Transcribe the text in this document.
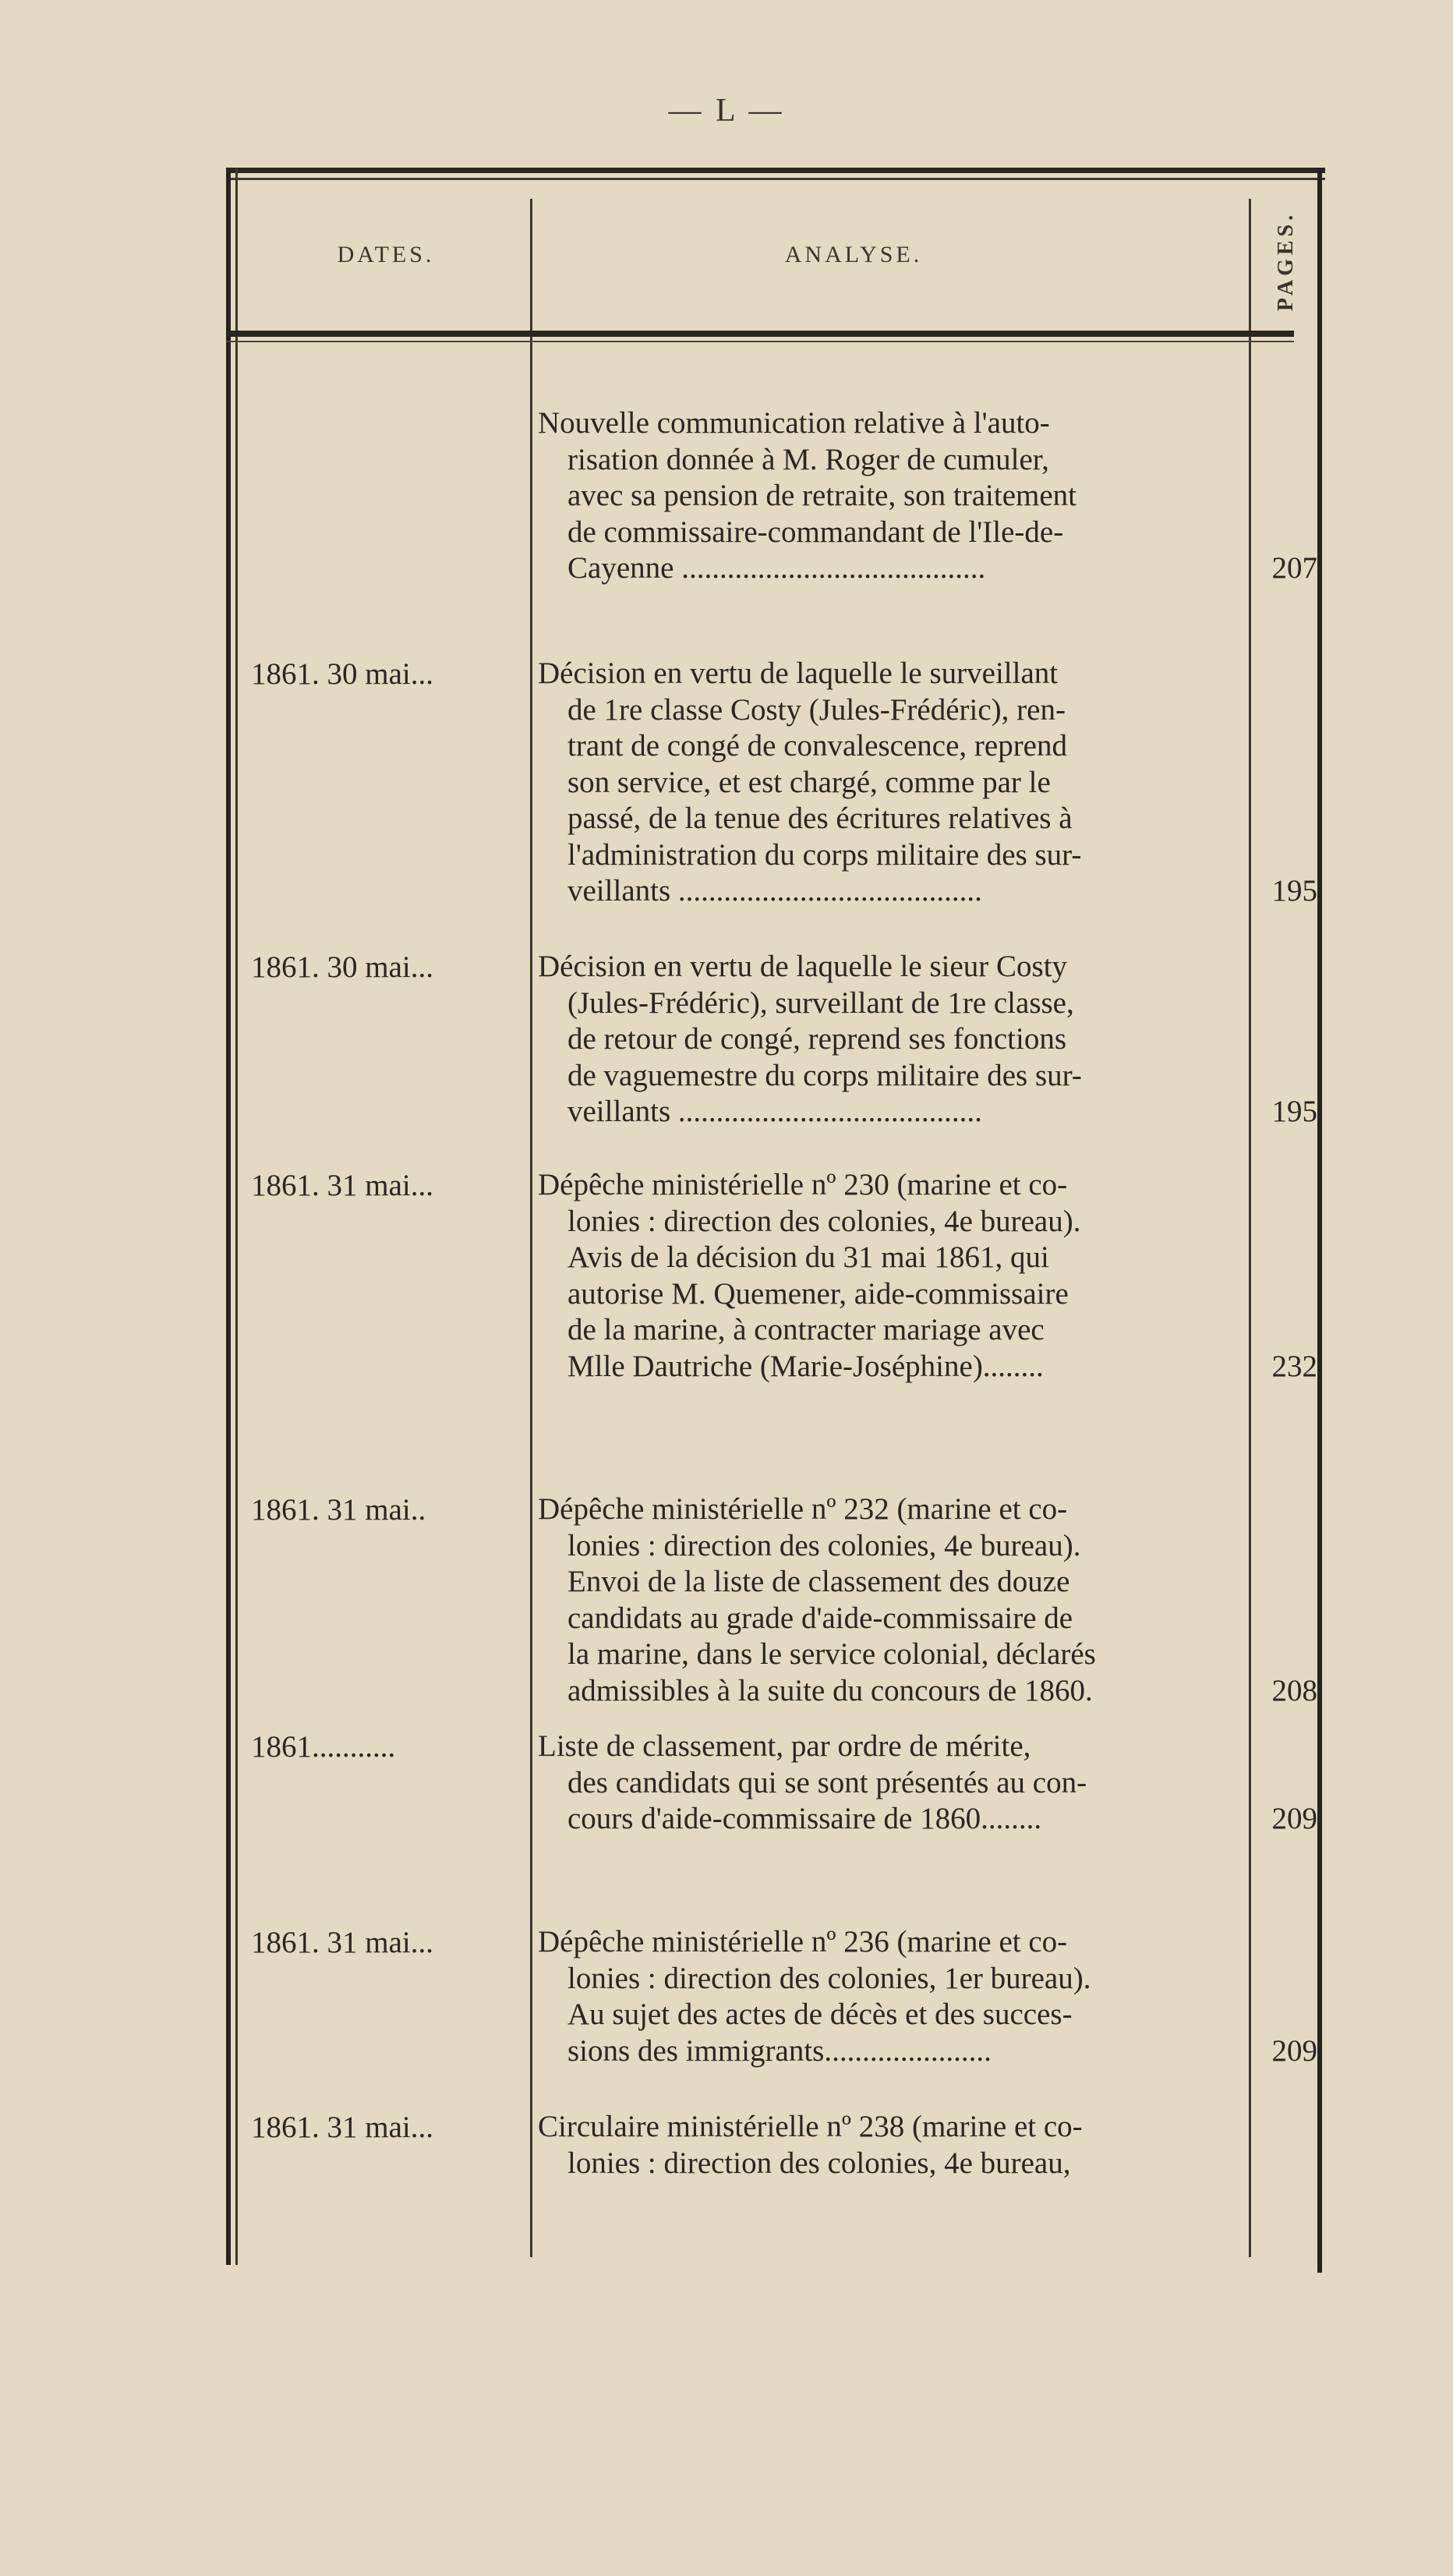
— L —
DATES.	ANALYSE.	PAGES.
Nouvelle communication relative à l'auto-
risation donnée à M. Roger de cumuler,
avec sa pension de retraite, son traitement
de commissaire-commandant de l'Ile-de-
Cayenne ........................................	207
1861. 30 mai...	Décision en vertu de laquelle le surveillant
de 1re classe Costy (Jules-Frédéric), ren-
trant de congé de convalescence, reprend
son service, et est chargé, comme par le
passé, de la tenue des écritures relatives à
l'administration du corps militaire des sur-
veillants ........................................	195
1861. 30 mai...	Décision en vertu de laquelle le sieur Costy
(Jules-Frédéric), surveillant de 1re classe,
de retour de congé, reprend ses fonctions
de vaguemestre du corps militaire des sur-
veillants ........................................	195
1861. 31 mai...	Dépêche ministérielle nº 230 (marine et co-
lonies : direction des colonies, 4e bureau).
Avis de la décision du 31 mai 1861, qui
autorise M. Quemener, aide-commissaire
de la marine, à contracter mariage avec
Mlle Dautriche (Marie-Joséphine)........	232
1861. 31 mai..	Dépêche ministérielle nº 232 (marine et co-
lonies : direction des colonies, 4e bureau).
Envoi de la liste de classement des douze
candidats au grade d'aide-commissaire de
la marine, dans le service colonial, déclarés
admissibles à la suite du concours de 1860.	208
1861...........	Liste de classement, par ordre de mérite,
des candidats qui se sont présentés au con-
cours d'aide-commissaire de 1860........	209
1861. 31 mai...	Dépêche ministérielle nº 236 (marine et co-
lonies : direction des colonies, 1er bureau).
Au sujet des actes de décès et des succes-
sions des immigrants......................	209
1861. 31 mai...	Circulaire ministérielle nº 238 (marine et co-
lonies : direction des colonies, 4e bureau,
